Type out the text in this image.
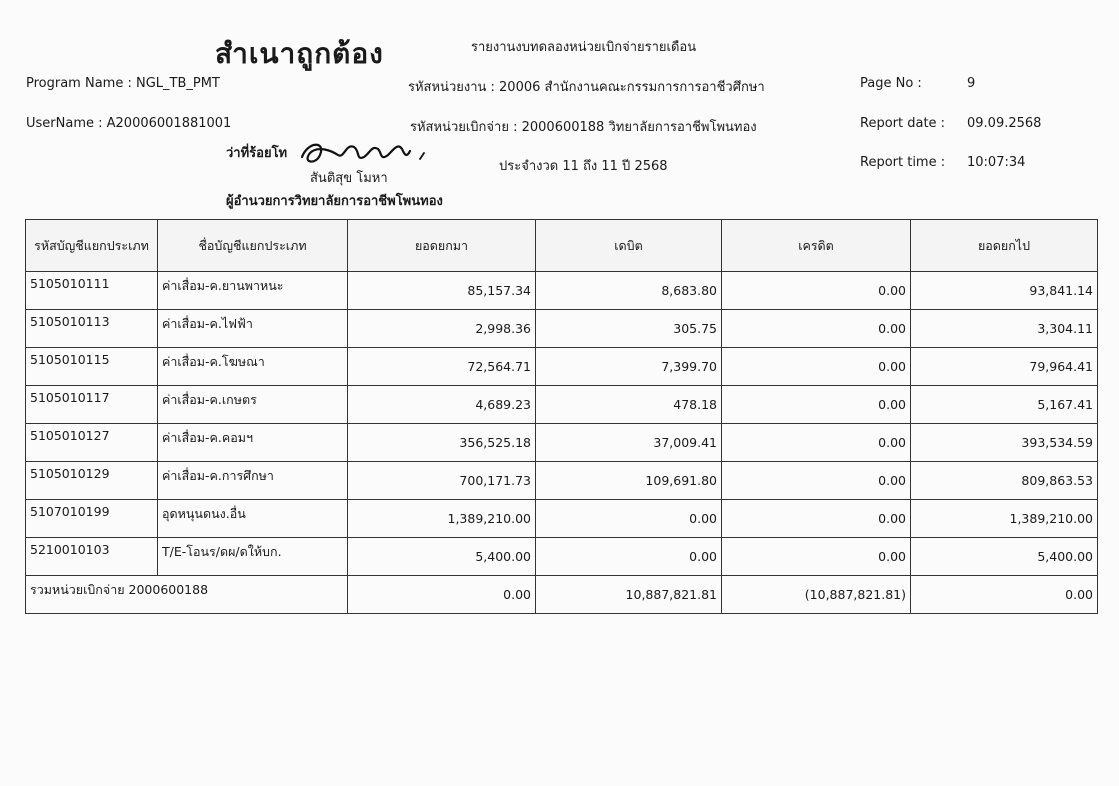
สำเนาถูกต้อง	รายงานงบทดลองหน่วยเบิกจ่ายรายเดือน
Program Name : NGL_TB_PMT
UserName : A20006001881001
รหัสหน่วยงาน : 20006 สำนักงานคณะกรรมการการอาชีวศึกษา
รหัสหน่วยเบิกจ่าย : 2000600188 วิทยาลัยการอาชีพโพนทอง
ประจำงวด 11 ถึง 11 ปี 2568
Page No :	9
Report date : 09.09.2568
Report time : 10:07:34
ว่าที่ร้อยโท
สันติสุข โมหา
ผู้อำนวยการวิทยาลัยการอาชีพโพนทอง
รหัสบัญชีแยกประเภท	ชื่อบัญชีแยกประเภท	ยอดยกมา	เดบิต	เครดิต	ยอดยกไป
5105010111	ค่าเสื่อม-ค.ยานพาหนะ	85,157.34	8,683.80	0.00	93,841.14
5105010113	ค่าเสื่อม-ค.ไฟฟ้า	2,998.36	305.75	0.00	3,304.11
5105010115	ค่าเสื่อม-ค.โฆษณา	72,564.71	7,399.70	0.00	79,964.41
5105010117	ค่าเสื่อม-ค.เกษตร	4,689.23	478.18	0.00	5,167.41
5105010127	ค่าเสื่อม-ค.คอมฯ	356,525.18	37,009.41	0.00	393,534.59
5105010129	ค่าเสื่อม-ค.การศึกษา	700,171.73	109,691.80	0.00	809,863.53
5107010199	อุดหนุนดนง.อื่น	1,389,210.00	0.00	0.00	1,389,210.00
5210010103	T/E-โอนร/ดผ/ดให้บก.	5,400.00	0.00	0.00	5,400.00
รวมหน่วยเบิกจ่าย 2000600188		0.00	10,887,821.81	(10,887,821.81)	0.00
